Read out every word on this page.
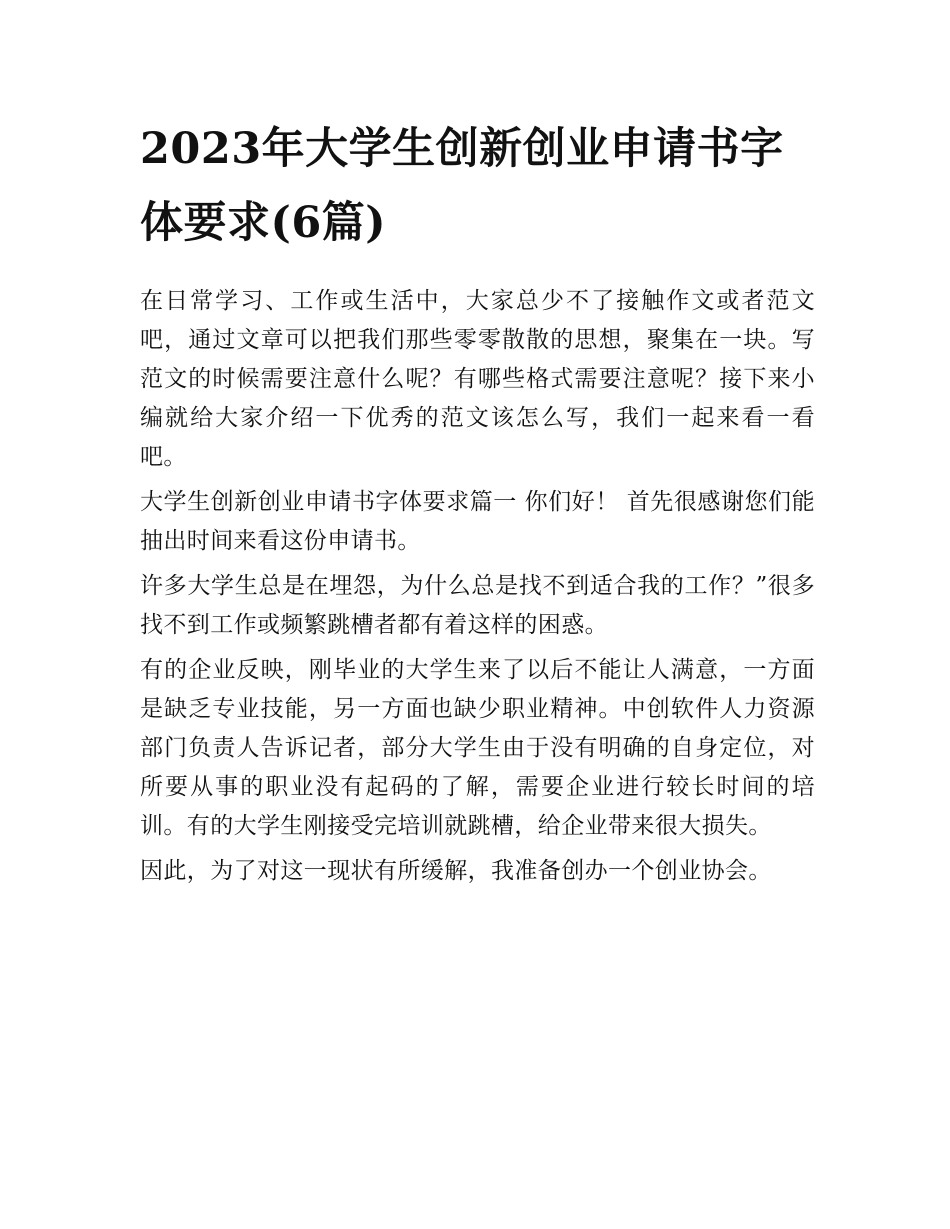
2023年大学生创新创业申请书字体要求(6篇)

在日常学习、工作或生活中，大家总少不了接触作文或者范文吧，通过文章可以把我们那些零零散散的思想，聚集在一块。写范文的时候需要注意什么呢？有哪些格式需要注意呢？接下来小编就给大家介绍一下优秀的范文该怎么写，我们一起来看一看吧。

大学生创新创业申请书字体要求篇一 你们好！ 首先很感谢您们能抽出时间来看这份申请书。

许多大学生总是在埋怨，为什么总是找不到适合我的工作？”很多找不到工作或频繁跳槽者都有着这样的困惑。

有的企业反映，刚毕业的大学生来了以后不能让人满意，一方面是缺乏专业技能，另一方面也缺少职业精神。中创软件人力资源部门负责人告诉记者，部分大学生由于没有明确的自身定位，对所要从事的职业没有起码的了解，需要企业进行较长时间的培训。有的大学生刚接受完培训就跳槽，给企业带来很大损失。

因此，为了对这一现状有所缓解，我准备创办一个创业协会。
